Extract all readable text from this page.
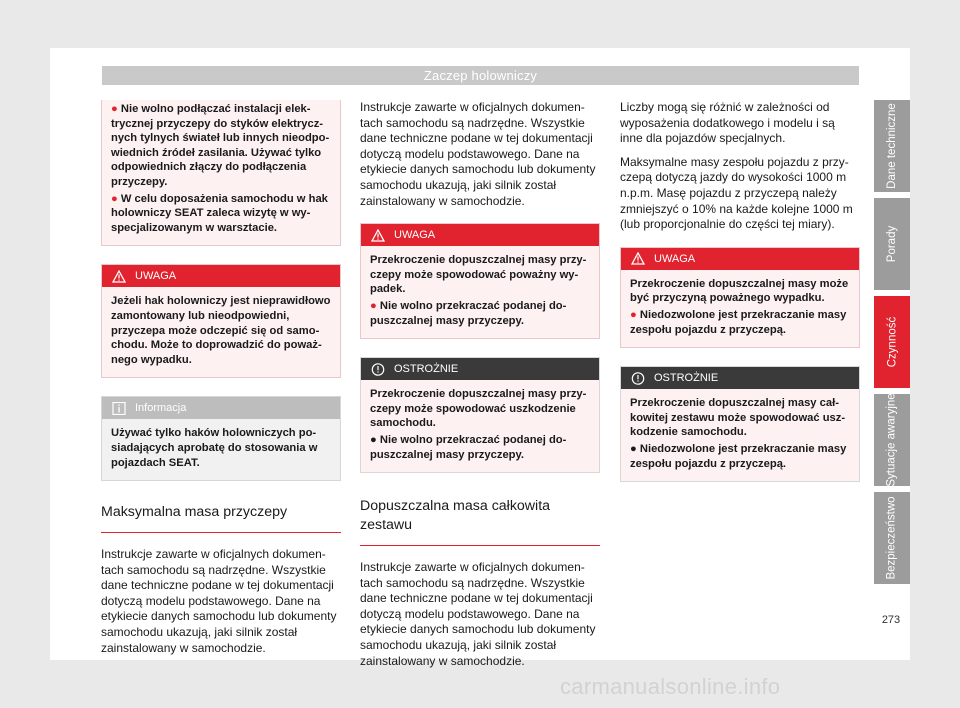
Zaczep holowniczy

● Nie wolno podłączać instalacji elektrycznej przyczepy do styków elektrycznych tylnych świateł lub innych nieodpowiednich źródeł zasilania. Używać tylko odpowiednich złączy do podłączenia przyczepy.

● W celu doposażenia samochodu w hak holowniczy SEAT zaleca wizytę w wyspecjalizowanym w warsztacie.

UWAGA

Jeżeli hak holowniczy jest nieprawidłowo zamontowany lub nieodpowiedni, przyczepa może odczepić się od samochodu. Może to doprowadzić do poważnego wypadku.

Informacja

Używać tylko haków holowniczych posiadających aprobatę do stosowania w pojazdach SEAT.

Maksymalna masa przyczepy

Instrukcje zawarte w oficjalnych dokumentach samochodu są nadrzędne. Wszystkie dane techniczne podane w tej dokumentacji dotyczą modelu podstawowego. Dane na etykiecie danych samochodu lub dokumenty samochodu ukazują, jaki silnik został zainstalowany w samochodzie.

Instrukcje zawarte w oficjalnych dokumentach samochodu są nadrzędne. Wszystkie dane techniczne podane w tej dokumentacji dotyczą modelu podstawowego. Dane na etykiecie danych samochodu lub dokumenty samochodu ukazują, jaki silnik został zainstalowany w samochodzie.

UWAGA

Przekroczenie dopuszczalnej masy przyczepy może spowodować poważny wypadek.

● Nie wolno przekraczać podanej dopuszczalnej masy przyczepy.

OSTROŻNIE

Przekroczenie dopuszczalnej masy przyczepy może spowodować uszkodzenie samochodu.

● Nie wolno przekraczać podanej dopuszczalnej masy przyczepy.

Dopuszczalna masa całkowita zestawu

Instrukcje zawarte w oficjalnych dokumentach samochodu są nadrzędne. Wszystkie dane techniczne podane w tej dokumentacji dotyczą modelu podstawowego. Dane na etykiecie danych samochodu lub dokumenty samochodu ukazują, jaki silnik został zainstalowany w samochodzie.

Liczby mogą się różnić w zależności od wyposażenia dodatkowego i modelu i są inne dla pojazdów specjalnych.

Maksymalne masy zespołu pojazdu z przyczepą dotyczą jazdy do wysokości 1000 m n.p.m. Masę pojazdu z przyczepą należy zmniejszyć o 10% na każde kolejne 1000 m (lub proporcjonalnie do części tej miary).

UWAGA

Przekroczenie dopuszczalnej masy może być przyczyną poważnego wypadku.

● Niedozwolone jest przekraczanie masy zespołu pojazdu z przyczepą.

OSTROŻNIE

Przekroczenie dopuszczalnej masy całkowitej zestawu może spowodować uszkodzenie samochodu.

● Niedozwolone jest przekraczanie masy zespołu pojazdu z przyczepą.

Dane techniczne
Porady
Czynność
Sytuacje awaryjne
Bezpieczeństwo
273
carmanualsonline.info
